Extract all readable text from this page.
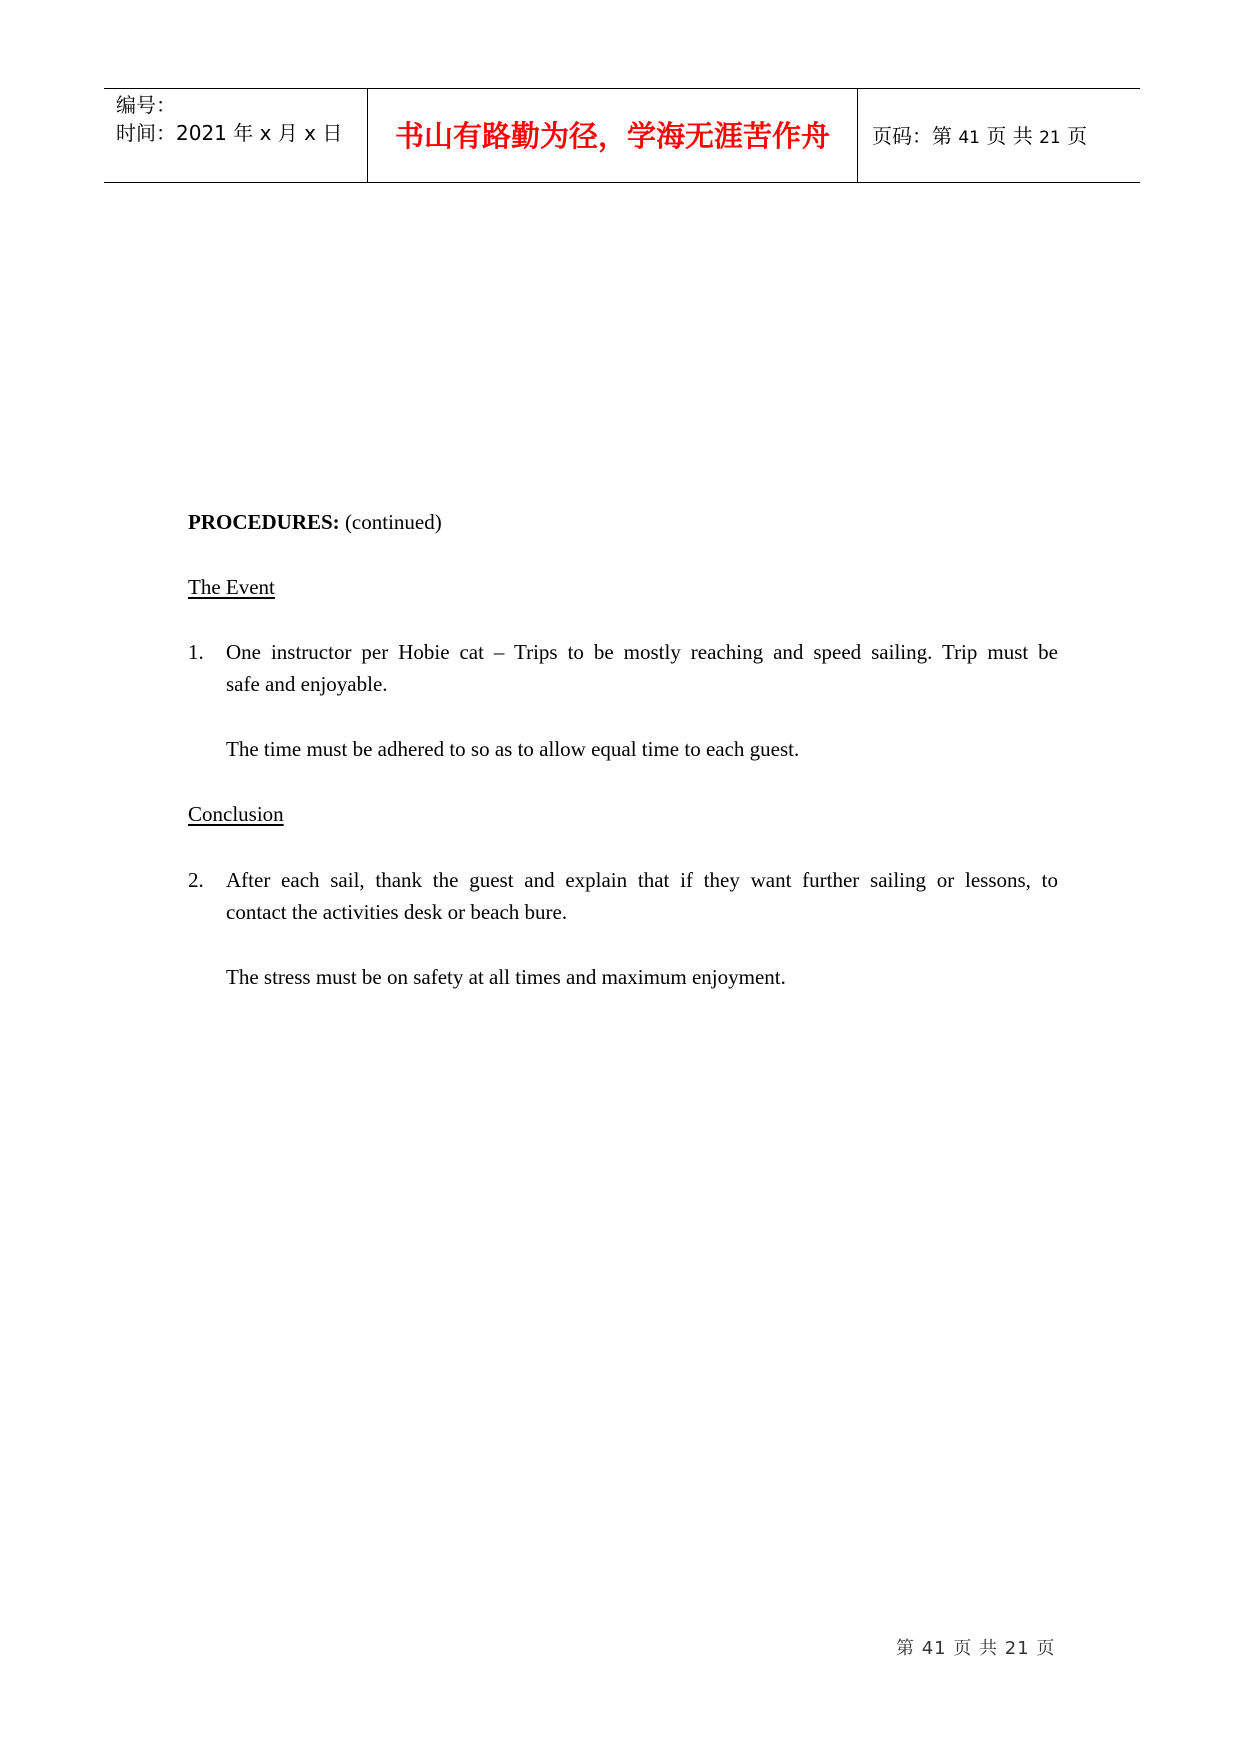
编号：
时间：2021 年 x 月 x 日	书山有路勤为径，学海无涯苦作舟	页码：第 41 页 共 21 页
PROCEDURES: (continued)
The Event
1. One instructor per Hobie cat – Trips to be mostly reaching and speed sailing. Trip must be
safe and enjoyable.
The time must be adhered to so as to allow equal time to each guest.
Conclusion
2. After each sail, thank the guest and explain that if they want further sailing or lessons, to
contact the activities desk or beach bure.
The stress must be on safety at all times and maximum enjoyment.
第 41 页 共 21 页
